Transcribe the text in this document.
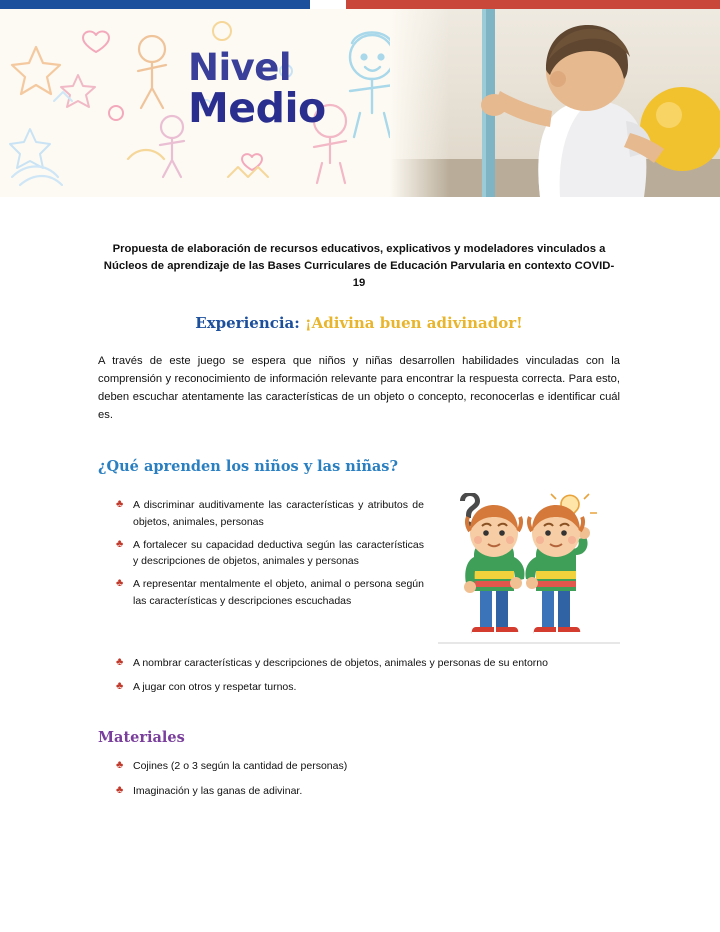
Nivel
Medio

Propuesta de elaboración de recursos educativos, explicativos y modeladores vinculados a Núcleos de aprendizaje de las Bases Curriculares de Educación Parvularia en contexto COVID-19

Experiencia: ¡Adivina buen adivinador!

A través de este juego se espera que niños y niñas desarrollen habilidades vinculadas con la comprensión y reconocimiento de información relevante para encontrar la respuesta correcta. Para esto, deben escuchar atentamente las características de un objeto o concepto, reconocerlas e identificar cuál es.

¿Qué aprenden los niños y las niñas?
♣ A discriminar auditivamente las características y atributos de objetos, animales, personas
♣ A fortalecer su capacidad deductiva según las características y descripciones de objetos, animales y personas
♣ A representar mentalmente el objeto, animal o persona según las características y descripciones escuchadas
♣ A nombrar características y descripciones de objetos, animales y personas de su entorno
♣ A jugar con otros y respetar turnos.
Materiales
♣ Cojines (2 o 3 según la cantidad de personas)
♣ Imaginación y las ganas de adivinar.
